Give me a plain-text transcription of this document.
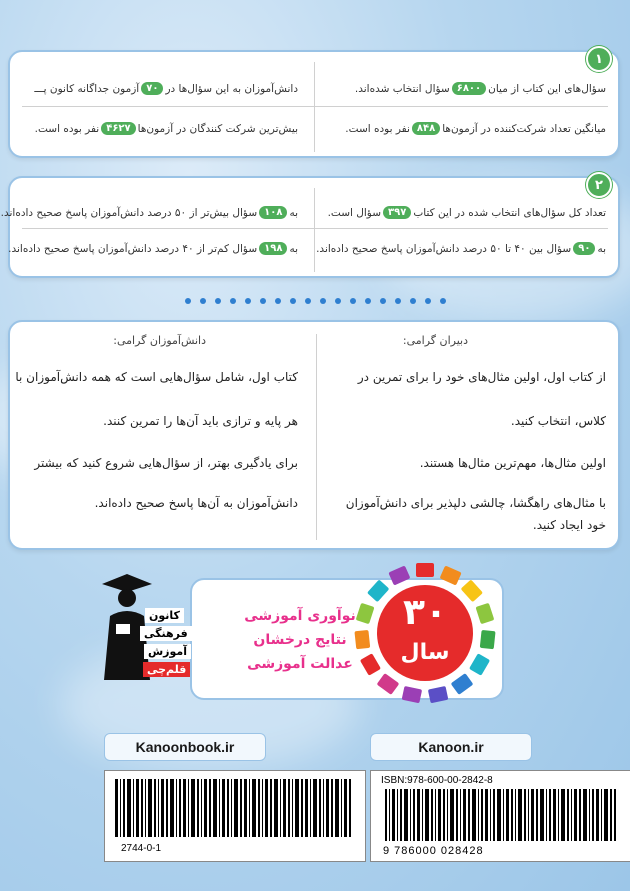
۱
سؤال‌های این کتاب از میان
۶۸۰۰
سؤال انتخاب شده‌اند.
دانش‌آموزان به این سؤال‌ها در
۷۰
آزمون جداگانه کانون پـــ
میانگین تعداد شرکت‌کننده در آزمون‌ها
۸۴۸
نفر بوده است.
بیش‌ترین شرکت کنندگان در آزمون‌ها
۴۶۲۷
نفر بوده است.
۲
تعداد کل سؤال‌های انتخاب شده در این کتاب
۳۹۷
سؤال است.
به
۱۰۸
سؤال بیش‌تر از ۵۰ درصد دانش‌آموزان پاسخ صحیح داده‌اند.
به
۹۰
سؤال بین ۴۰ تا ۵۰ درصد دانش‌آموزان پاسخ صحیح داده‌اند.
به
۱۹۸
سؤال کم‌تر از ۴۰ درصد دانش‌آموزان پاسخ صحیح داده‌اند.
دبیران گرامی:
دانش‌آموزان گرامی:
از کتاب اول، اولین مثال‌های خود را برای تمرین در
کلاس، انتخاب کنید.
اولین مثال‌ها، مهم‌ترین مثال‌ها هستند.
با مثال‌های راهگشا، چالشی دلپذیر برای دانش‌آموزان
خود ایجاد کنید.
کتاب اول، شامل سؤال‌هایی است که همه دانش‌آموزان با
هر پایه و ترازی باید آن‌ها را تمرین کنند.
برای یادگیری بهتر، از سؤال‌هایی شروع کنید که بیشتر
دانش‌آموزان به آن‌ها پاسخ صحیح داده‌اند.
نوآوری آموزشی
نتایج درخشان
عدالت آموزشی
۳۰
سال
کانون
فرهنگی
آموزش
قلم‌چی
Kanoonbook.ir	Kanoon.ir
2744-0-1
ISBN:978-600-00-2842-8
9 786000 028428
